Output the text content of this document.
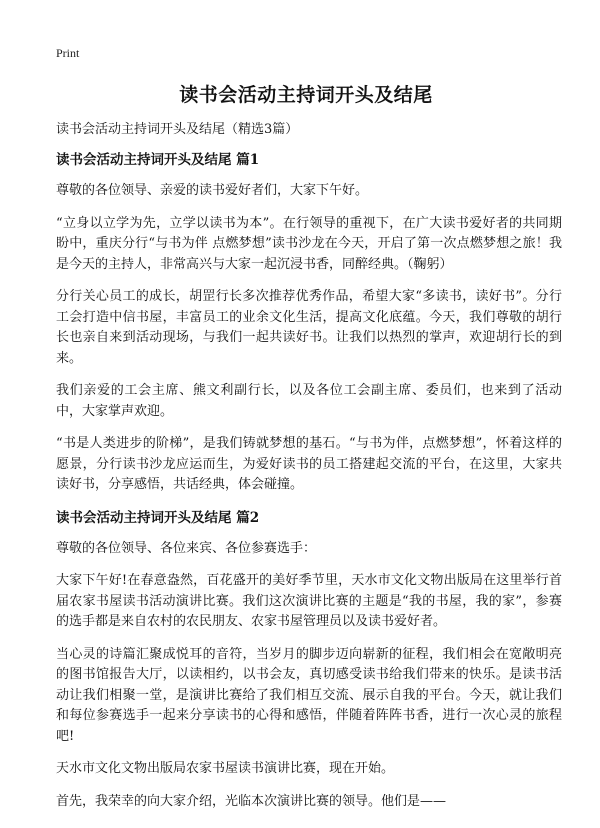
Print
读书会活动主持词开头及结尾

读书会活动主持词开头及结尾（精选3篇）

读书会活动主持词开头及结尾 篇1

尊敬的各位领导、亲爱的读书爱好者们，大家下午好。

“立身以立学为先，立学以读书为本”。在行领导的重视下，在广大读书爱好者的共同期盼中，重庆分行“与书为伴 点燃梦想”读书沙龙在今天，开启了第一次点燃梦想之旅！我是今天的主持人，非常高兴与大家一起沉浸书香，同醉经典。（鞠躬）

分行关心员工的成长，胡罡行长多次推荐优秀作品，希望大家“多读书，读好书”。分行工会打造中信书屋，丰富员工的业余文化生活，提高文化底蕴。今天，我们尊敬的胡行长也亲自来到活动现场，与我们一起共读好书。让我们以热烈的掌声，欢迎胡行长的到来。

我们亲爱的工会主席、熊文利副行长，以及各位工会副主席、委员们，也来到了活动中，大家掌声欢迎。

“书是人类进步的阶梯”，是我们铸就梦想的基石。“与书为伴，点燃梦想”，怀着这样的愿景，分行读书沙龙应运而生，为爱好读书的员工搭建起交流的平台，在这里，大家共读好书，分享感悟，共话经典，体会碰撞。

读书会活动主持词开头及结尾 篇2

尊敬的各位领导、各位来宾、各位参赛选手：

大家下午好!在春意盎然，百花盛开的美好季节里，天水市文化文物出版局在这里举行首届农家书屋读书活动演讲比赛。我们这次演讲比赛的主题是“我的书屋，我的家”，参赛的选手都是来自农村的农民朋友、农家书屋管理员以及读书爱好者。

当心灵的诗篇汇聚成悦耳的音符，当岁月的脚步迈向崭新的征程，我们相会在宽敞明亮的图书馆报告大厅，以读相约，以书会友，真切感受读书给我们带来的快乐。是读书活动让我们相聚一堂，是演讲比赛给了我们相互交流、展示自我的平台。今天，就让我们和每位参赛选手一起来分享读书的心得和感悟，伴随着阵阵书香，进行一次心灵的旅程吧!

天水市文化文物出版局农家书屋读书演讲比赛，现在开始。

首先，我荣幸的向大家介绍，光临本次演讲比赛的领导。他们是——
